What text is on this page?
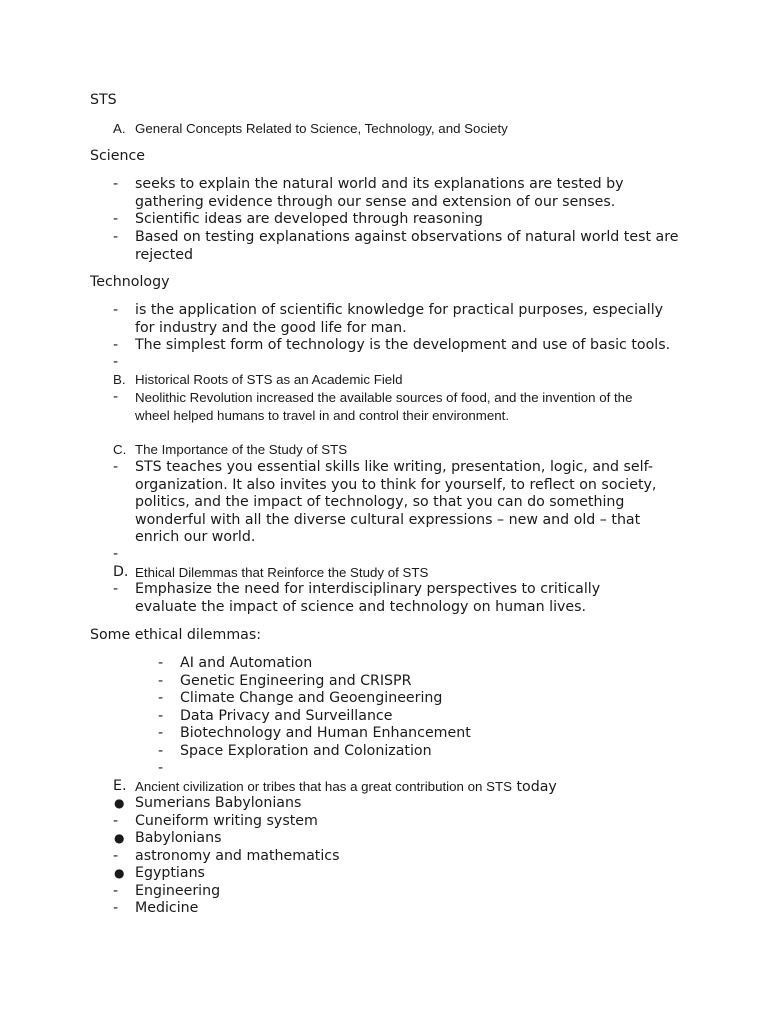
STS
A. General Concepts Related to Science, Technology, and Society
Science
-	seeks to explain the natural world and its explanations are tested by gathering evidence through our sense and extension of our senses.
-	Scientific ideas are developed through reasoning
-	Based on testing explanations against observations of natural world test are rejected
Technology
-	is the application of scientific knowledge for practical purposes, especially for industry and the good life for man.
-	The simplest form of technology is the development and use of basic tools.
-
B. Historical Roots of STS as an Academic Field
-	Neolithic Revolution increased the available sources of food, and the invention of the wheel helped humans to travel in and control their environment.
C. The Importance of the Study of STS
-	STS teaches you essential skills like writing, presentation, logic, and self-organization. It also invites you to think for yourself, to reflect on society, politics, and the impact of technology, so that you can do something wonderful with all the diverse cultural expressions – new and old – that enrich our world.
-
D. Ethical Dilemmas that Reinforce the Study of STS
-	Emphasize the need for interdisciplinary perspectives to critically evaluate the impact of science and technology on human lives.
Some ethical dilemmas:
-	AI and Automation
-	Genetic Engineering and CRISPR
-	Climate Change and Geoengineering
-	Data Privacy and Surveillance
-	Biotechnology and Human Enhancement
-	Space Exploration and Colonization
-
E. Ancient civilization or tribes that has a great contribution on STS today
● Sumerians Babylonians
-	Cuneiform writing system
● Babylonians
-	astronomy and mathematics
● Egyptians
-	Engineering
-	Medicine
